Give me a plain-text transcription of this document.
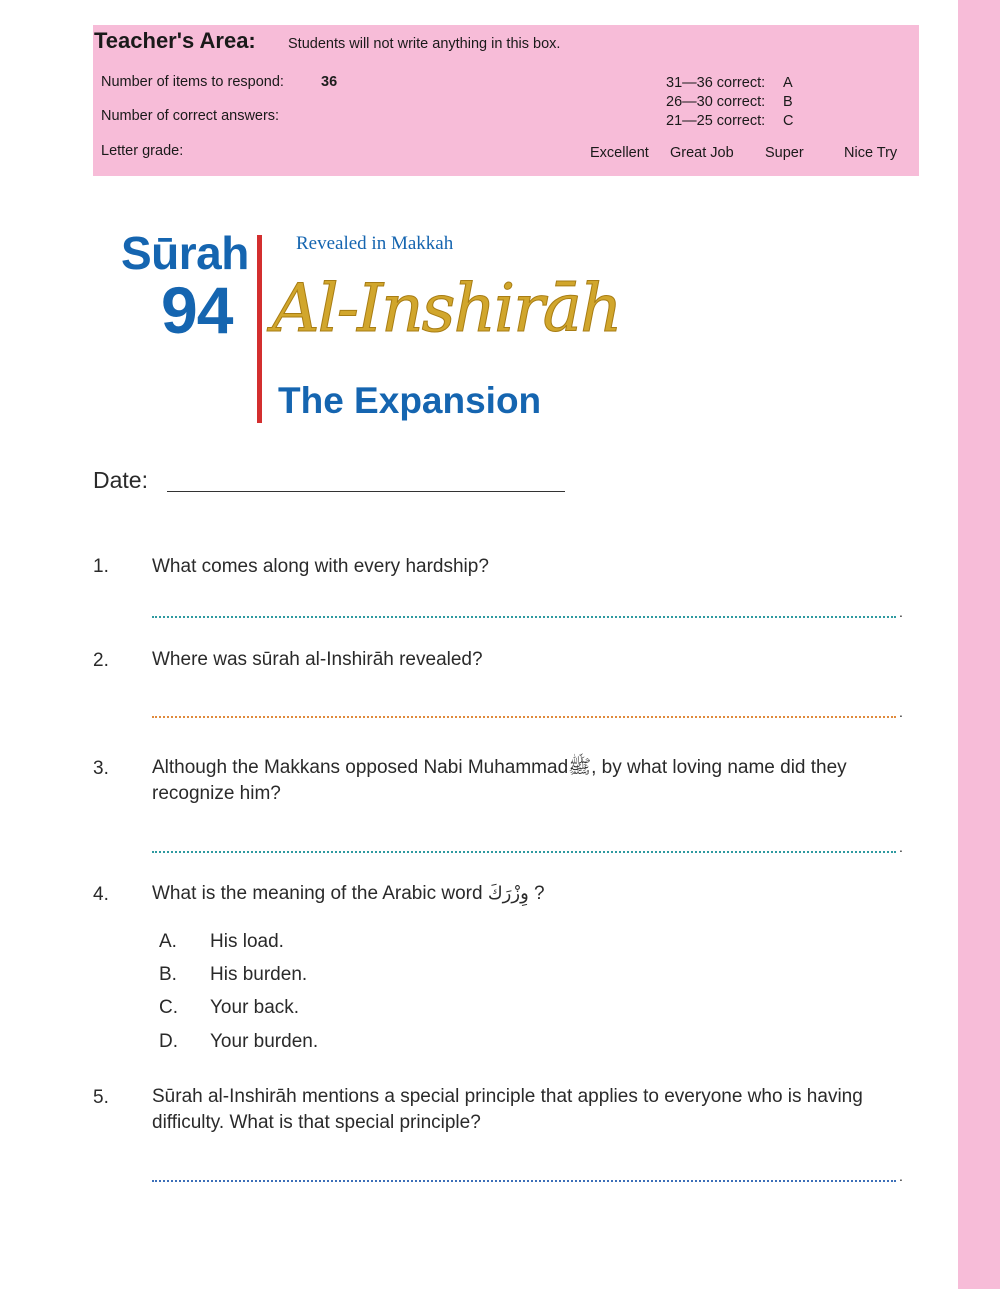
Teacher's Area: Students will not write anything in this box.
Number of items to respond:	36
Number of correct answers:
Letter grade:
31—36 correct: A
26—30 correct: B
21—25 correct: C
Excellent Great Job Super	Nice Try
Sūrah
94
Revealed in Makkah
Al-Inshirāh
The Expansion
Date:
1. What comes along with every hardship?
.
2. Where was sūrah al-Inshirāh revealed?
.
3. Although the Makkans opposed Nabi Muhammadﷺ, by what loving name did they recognize him?
.
4. What is the meaning of the Arabic word وِزْرَكَ ?
A. His load.
B. His burden.
C. Your back.
D. Your burden.
5. Sūrah al-Inshirāh mentions a special principle that applies to everyone who is having difficulty. What is that special principle?
.
